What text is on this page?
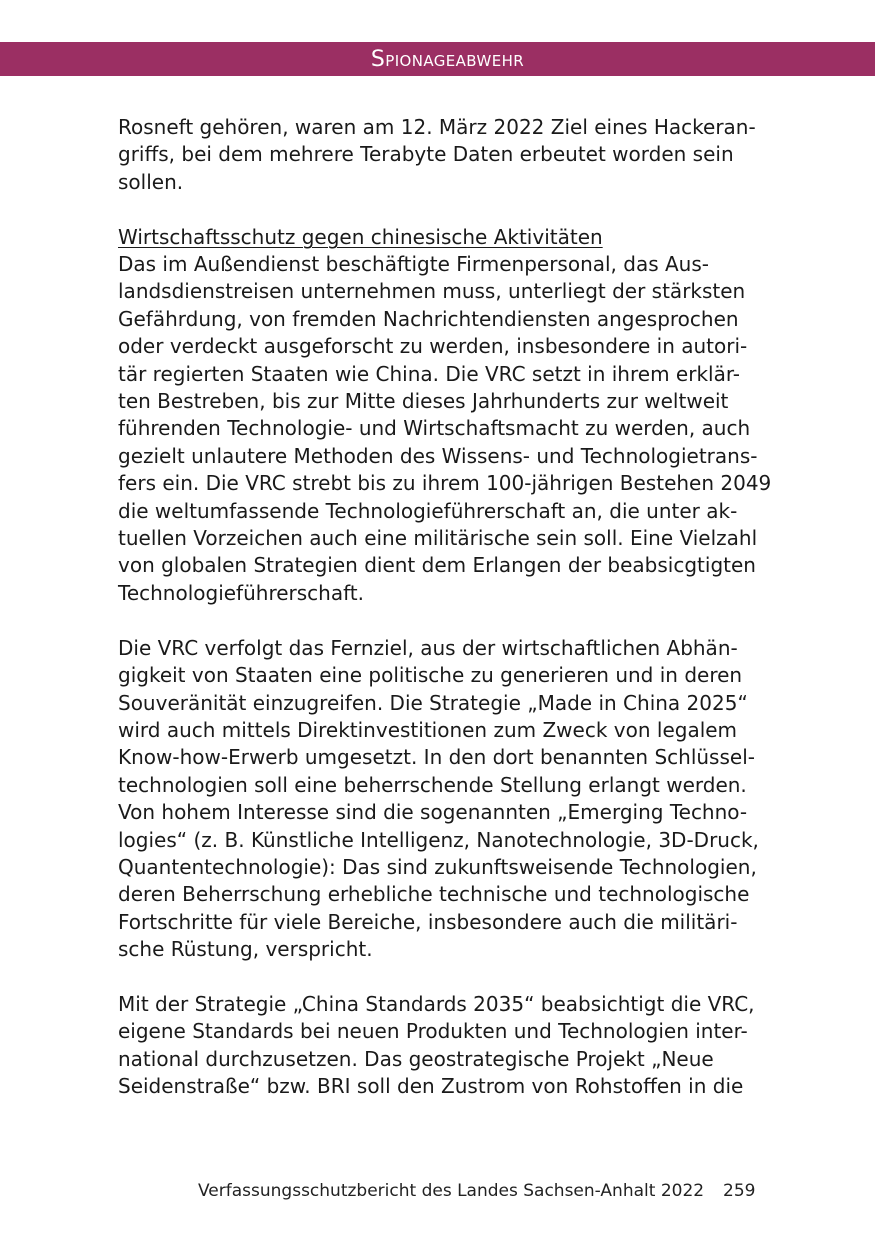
Spionageabwehr

Rosneft gehören, waren am 12. März 2022 Ziel eines Hackeran-
griffs, bei dem mehrere Terabyte Daten erbeutet worden sein
sollen.

Wirtschaftsschutz gegen chinesische Aktivitäten
Das im Außendienst beschäftigte Firmenpersonal, das Aus-
landsdienstreisen unternehmen muss, unterliegt der stärksten
Gefährdung, von fremden Nachrichtendiensten angesprochen
oder verdeckt ausgeforscht zu werden, insbesondere in autori-
tär regierten Staaten wie China. Die VRC setzt in ihrem erklär-
ten Bestreben, bis zur Mitte dieses Jahrhunderts zur weltweit
führenden Technologie- und Wirtschaftsmacht zu werden, auch
gezielt unlautere Methoden des Wissens- und Technologietrans-
fers ein. Die VRC strebt bis zu ihrem 100-jährigen Bestehen 2049
die weltumfassende Technologieführerschaft an, die unter ak-
tuellen Vorzeichen auch eine militärische sein soll. Eine Vielzahl
von globalen Strategien dient dem Erlangen der beabsicgtigten
Technologieführerschaft.

Die VRC verfolgt das Fernziel, aus der wirtschaftlichen Abhän-
gigkeit von Staaten eine politische zu generieren und in deren
Souveränität einzugreifen. Die Strategie „Made in China 2025“
wird auch mittels Direktinvestitionen zum Zweck von legalem
Know-how-Erwerb umgesetzt. In den dort benannten Schlüssel-
technologien soll eine beherrschende Stellung erlangt werden.
Von hohem Interesse sind die sogenannten „Emerging Techno-
logies“ (z. B. Künstliche Intelligenz, Nanotechnologie, 3D-Druck,
Quantentechnologie): Das sind zukunftsweisende Technologien,
deren Beherrschung erhebliche technische und technologische
Fortschritte für viele Bereiche, insbesondere auch die militäri-
sche Rüstung, verspricht.

Mit der Strategie „China Standards 2035“ beabsichtigt die VRC,
eigene Standards bei neuen Produkten und Technologien inter-
national durchzusetzen. Das geostrategische Projekt „Neue
Seidenstraße“ bzw. BRI soll den Zustrom von Rohstoffen in die

Verfassungsschutzbericht des Landes Sachsen-Anhalt 2022 259
